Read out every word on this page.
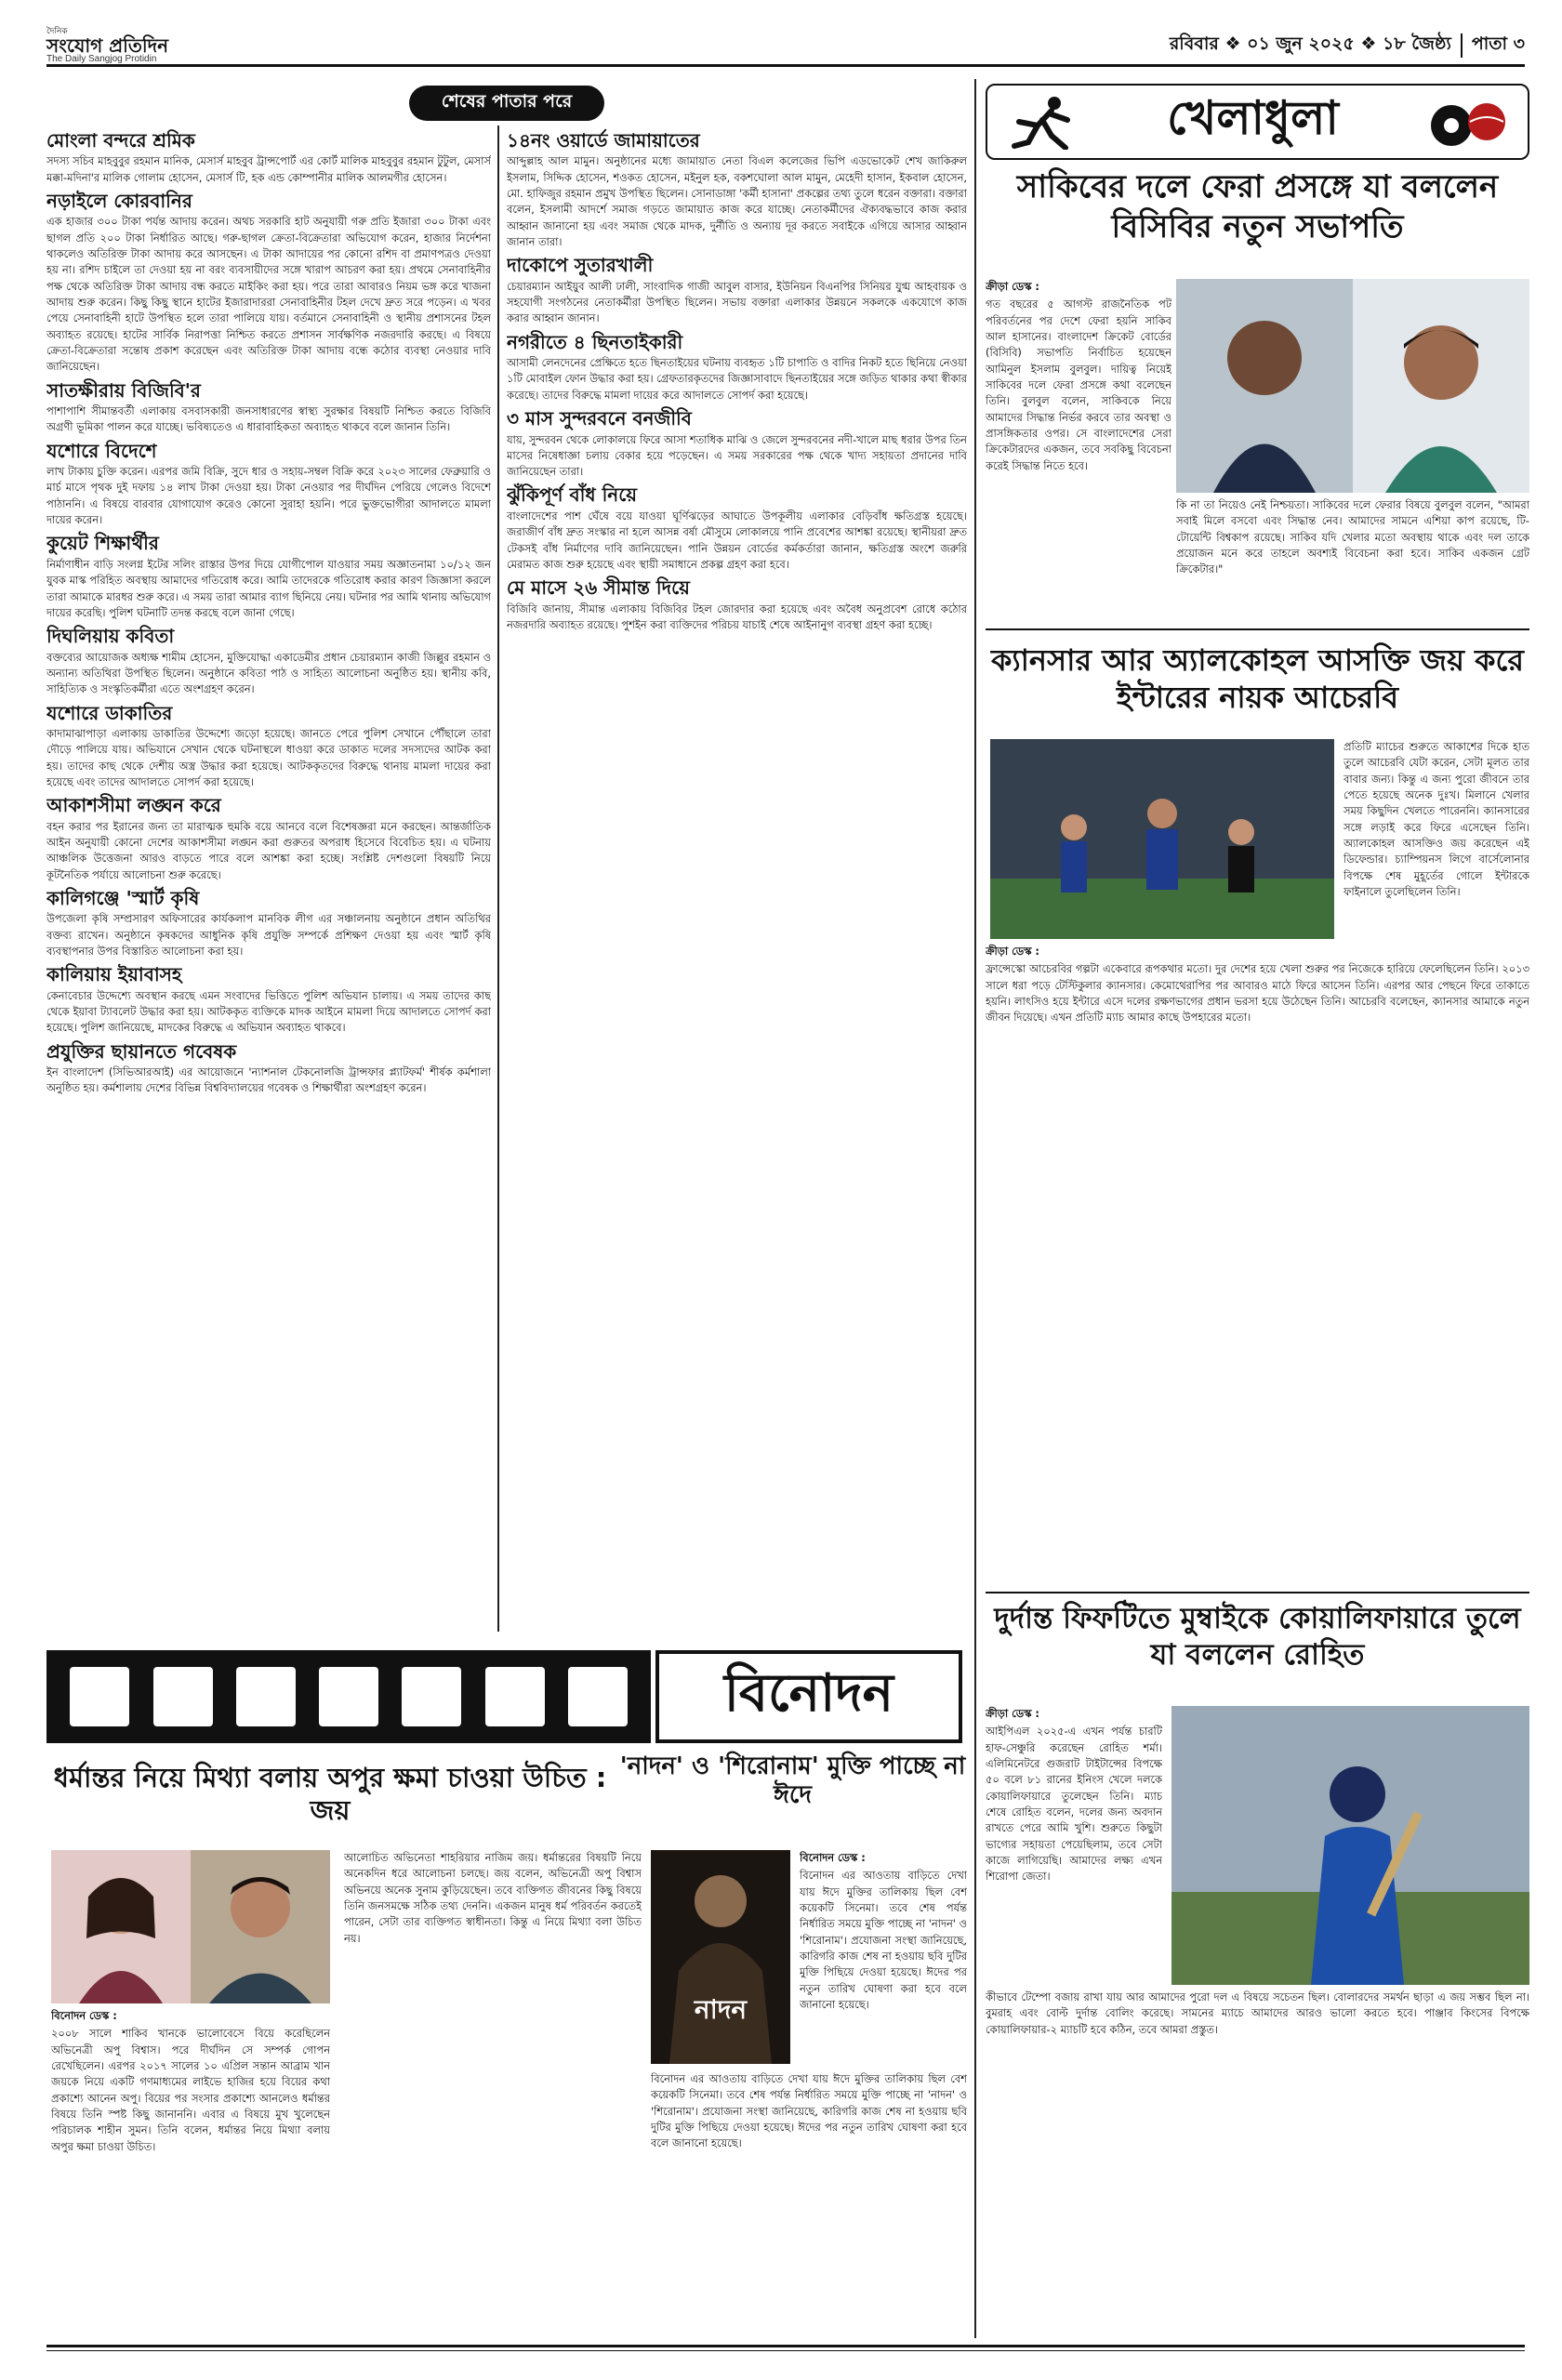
দৈনিক
সংযোগ প্রতিদিন
The Daily Sangjog Protidin
রবিবার ❖ ০১ জুন ২০২৫ ❖ ১৮ জৈষ্ঠ্য পাতা ৩
শেষের পাতার পরে
মোংলা বন্দরে শ্রমিক

সদস্য সচিব মাহবুবুর রহমান মানিক, মেসার্স মাহবুব ট্রান্সপোর্ট এর কোর্ট মালিক মাহবুবুর রহমান টুটুল, মেসার্স মক্কা-মদিনা'র মালিক গোলাম হোসেন, মেসার্স টি, হক এন্ড কোম্পানীর মালিক আলমগীর হোসেন।

নড়াইলে কোরবানির

এক হাজার ৩০০ টাকা পর্যন্ত আদায় করেন। অথচ সরকারি হাট অনুযায়ী গরু প্রতি ইজারা ৩০০ টাকা এবং ছাগল প্রতি ২০০ টাকা নির্ধারিত আছে। গরু-ছাগল ক্রেতা-বিক্রেতারা অভিযোগ করেন, হাজার নির্দেশনা থাকলেও অতিরিক্ত টাকা আদায় করে আসছেন। এ টাকা আদায়ের পর কোনো রশিদ বা প্রমাণপত্রও দেওয়া হয় না। রশিদ চাইলে তা দেওয়া হয় না বরং ব্যবসায়ীদের সঙ্গে খারাপ আচরণ করা হয়। প্রথমে সেনাবাহিনীর পক্ষ থেকে অতিরিক্ত টাকা আদায় বন্ধ করতে মাইকিং করা হয়। পরে তারা আবারও নিয়ম ভঙ্গ করে খাজনা আদায় শুরু করেন। কিছু কিছু স্থানে হাটের ইজারাদাররা সেনাবাহিনীর টহল দেখে দ্রুত সরে পড়েন। এ খবর পেয়ে সেনাবাহিনী হাটে উপস্থিত হলে তারা পালিয়ে যায়। বর্তমানে সেনাবাহিনী ও স্থানীয় প্রশাসনের টহল অব্যাহত রয়েছে। হাটের সার্বিক নিরাপত্তা নিশ্চিত করতে প্রশাসন সার্বক্ষণিক নজরদারি করছে। এ বিষয়ে ক্রেতা-বিক্রেতারা সন্তোষ প্রকাশ করেছেন এবং অতিরিক্ত টাকা আদায় বন্ধে কঠোর ব্যবস্থা নেওয়ার দাবি জানিয়েছেন।

সাতক্ষীরায় বিজিবি'র

পাশাপাশি সীমান্তবর্তী এলাকায় বসবাসকারী জনসাধারণের স্বাস্থ্য সুরক্ষার বিষয়টি নিশ্চিত করতে বিজিবি অগ্রণী ভূমিকা পালন করে যাচ্ছে। ভবিষ্যতেও এ ধারাবাহিকতা অব্যাহত থাকবে বলে জানান তিনি।

যশোরে বিদেশে

লাখ টাকায় চুক্তি করেন। এরপর জমি বিক্রি, সুদে ধার ও সহায়-সম্বল বিক্রি করে ২০২৩ সালের ফেব্রুয়ারি ও মার্চ মাসে পৃথক দুই দফায় ১৪ লাখ টাকা দেওয়া হয়। টাকা নেওয়ার পর দীর্ঘদিন পেরিয়ে গেলেও বিদেশে পাঠাননি। এ বিষয়ে বারবার যোগাযোগ করেও কোনো সুরাহা হয়নি। পরে ভুক্তভোগীরা আদালতে মামলা দায়ের করেন।

কুয়েট শিক্ষার্থীর

নির্মাণাধীন বাড়ি সংলগ্ন ইটের সলিং রাস্তার উপর দিয়ে যোগীপোল যাওয়ার সময় অজ্ঞাতনামা ১০/১২ জন যুবক মাস্ক পরিহিত অবস্থায় আমাদের গতিরোধ করে। আমি তাদেরকে গতিরোধ করার কারণ জিজ্ঞাসা করলে তারা আমাকে মারধর শুরু করে। এ সময় তারা আমার ব্যাগ ছিনিয়ে নেয়। ঘটনার পর আমি থানায় অভিযোগ দায়ের করেছি। পুলিশ ঘটনাটি তদন্ত করছে বলে জানা গেছে।

দিঘলিয়ায় কবিতা

বক্তব্যের আয়োজক অধ্যক্ষ শামীম হোসেন, মুক্তিযোদ্ধা একাডেমীর প্রধান চেয়ারম্যান কাজী জিল্লুর রহমান ও অন্যান্য অতিথিরা উপস্থিত ছিলেন। অনুষ্ঠানে কবিতা পাঠ ও সাহিত্য আলোচনা অনুষ্ঠিত হয়। স্থানীয় কবি, সাহিত্যিক ও সংস্কৃতিকর্মীরা এতে অংশগ্রহণ করেন।

যশোরে ডাকাতির

কাদামাঝাপাড়া এলাকায় ডাকাতির উদ্দেশ্যে জড়ো হয়েছে। জানতে পেরে পুলিশ সেখানে পৌঁছালে তারা দৌড়ে পালিয়ে যায়। অভিযানে সেখান থেকে ঘটনাস্থলে ধাওয়া করে ডাকাত দলের সদস্যদের আটক করা হয়। তাদের কাছ থেকে দেশীয় অস্ত্র উদ্ধার করা হয়েছে। আটককৃতদের বিরুদ্ধে থানায় মামলা দায়ের করা হয়েছে এবং তাদের আদালতে সোপর্দ করা হয়েছে।

আকাশসীমা লঙ্ঘন করে

বহন করার পর ইরানের জন্য তা মারাত্মক হুমকি বয়ে আনবে বলে বিশেষজ্ঞরা মনে করছেন। আন্তর্জাতিক আইন অনুযায়ী কোনো দেশের আকাশসীমা লঙ্ঘন করা গুরুতর অপরাধ হিসেবে বিবেচিত হয়। এ ঘটনায় আঞ্চলিক উত্তেজনা আরও বাড়তে পারে বলে আশঙ্কা করা হচ্ছে। সংশ্লিষ্ট দেশগুলো বিষয়টি নিয়ে কূটনৈতিক পর্যায়ে আলোচনা শুরু করেছে।

কালিগঞ্জে 'স্মার্ট কৃষি

উপজেলা কৃষি সম্প্রসারণ অফিসারের কার্যকলাপ মানবিক লীগ এর সঞ্চালনায় অনুষ্ঠানে প্রধান অতিথির বক্তব্য রাখেন। অনুষ্ঠানে কৃষকদের আধুনিক কৃষি প্রযুক্তি সম্পর্কে প্রশিক্ষণ দেওয়া হয় এবং স্মার্ট কৃষি ব্যবস্থাপনার উপর বিস্তারিত আলোচনা করা হয়।

কালিয়ায় ইয়াবাসহ

কেনাবেচার উদ্দেশ্যে অবস্থান করছে এমন সংবাদের ভিত্তিতে পুলিশ অভিযান চালায়। এ সময় তাদের কাছ থেকে ইয়াবা ট্যাবলেট উদ্ধার করা হয়। আটককৃত ব্যক্তিকে মাদক আইনে মামলা দিয়ে আদালতে সোপর্দ করা হয়েছে। পুলিশ জানিয়েছে, মাদকের বিরুদ্ধে এ অভিযান অব্যাহত থাকবে।

প্রযুক্তির ছায়ানতে গবেষক

ইন বাংলাদেশ (সিভিআরআই) এর আয়োজনে 'ন্যাশনাল টেকনোলজি ট্রান্সফার প্ল্যাটফর্ম' শীর্ষক কর্মশালা অনুষ্ঠিত হয়। কর্মশালায় দেশের বিভিন্ন বিশ্ববিদ্যালয়ের গবেষক ও শিক্ষার্থীরা অংশগ্রহণ করেন।

১৪নং ওয়ার্ডে জামায়াতের

আব্দুল্লাহ আল মামুন। অনুষ্ঠানের মধ্যে জামায়াত নেতা বিএল কলেজের ভিপি এডভোকেট শেখ জাকিরুল ইসলাম, সিদ্দিক হোসেন, শওকত হোসেন, মইনুল হক, বকশঘোলা আল মামুন, মেহেদী হাসান, ইকবাল হোসেন, মো. হাফিজুর রহমান প্রমুখ উপস্থিত ছিলেন। সোনাডাঙ্গা 'কর্মী হাসানা' প্রকল্পের তথ্য তুলে ধরেন বক্তারা। বক্তারা বলেন, ইসলামী আদর্শে সমাজ গড়তে জামায়াত কাজ করে যাচ্ছে। নেতাকর্মীদের ঐক্যবদ্ধভাবে কাজ করার আহ্বান জানানো হয় এবং সমাজ থেকে মাদক, দুর্নীতি ও অন্যায় দূর করতে সবাইকে এগিয়ে আসার আহ্বান জানান তারা।

দাকোপে সুতারখালী

চেয়ারম্যান আইয়ুব আলী ঢালী, সাংবাদিক গাজী আবুল বাসার, ইউনিয়ন বিএনপির সিনিয়র যুগ্ম আহবায়ক ও সহযোগী সংগঠনের নেতাকর্মীরা উপস্থিত ছিলেন। সভায় বক্তারা এলাকার উন্নয়নে সকলকে একযোগে কাজ করার আহ্বান জানান।

নগরীতে ৪ ছিনতাইকারী

আসামী লেনদেনের প্রেক্ষিতে হতে ছিনতাইয়ের ঘটনায় ব্যবহৃত ১টি চাপাতি ও বাদির নিকট হতে ছিনিয়ে নেওয়া ১টি মোবাইল ফোন উদ্ধার করা হয়। গ্রেফতারকৃতদের জিজ্ঞাসাবাদে ছিনতাইয়ের সঙ্গে জড়িত থাকার কথা স্বীকার করেছে। তাদের বিরুদ্ধে মামলা দায়ের করে আদালতে সোপর্দ করা হয়েছে।

৩ মাস সুন্দরবনে বনজীবি

যায়, সুন্দরবন থেকে লোকালয়ে ফিরে আসা শতাধিক মাঝি ও জেলে সুন্দরবনের নদী-খালে মাছ ধরার উপর তিন মাসের নিষেধাজ্ঞা চলায় বেকার হয়ে পড়েছেন। এ সময় সরকারের পক্ষ থেকে খাদ্য সহায়তা প্রদানের দাবি জানিয়েছেন তারা।

ঝুঁকিপূর্ণ বাঁধ নিয়ে

বাংলাদেশের পাশ ঘেঁষে বয়ে যাওয়া ঘূর্ণিঝড়ের আঘাতে উপকূলীয় এলাকার বেড়িবাঁধ ক্ষতিগ্রস্ত হয়েছে। জরাজীর্ণ বাঁধ দ্রুত সংস্কার না হলে আসন্ন বর্ষা মৌসুমে লোকালয়ে পানি প্রবেশের আশঙ্কা রয়েছে। স্থানীয়রা দ্রুত টেকসই বাঁধ নির্মাণের দাবি জানিয়েছেন। পানি উন্নয়ন বোর্ডের কর্মকর্তারা জানান, ক্ষতিগ্রস্ত অংশে জরুরি মেরামত কাজ শুরু হয়েছে এবং স্থায়ী সমাধানে প্রকল্প গ্রহণ করা হবে।

মে মাসে ২৬ সীমান্ত দিয়ে

বিজিবি জানায়, সীমান্ত এলাকায় বিজিবির টহল জোরদার করা হয়েছে এবং অবৈধ অনুপ্রবেশ রোধে কঠোর নজরদারি অব্যাহত রয়েছে। পুশইন করা ব্যক্তিদের পরিচয় যাচাই শেষে আইনানুগ ব্যবস্থা গ্রহণ করা হচ্ছে।

বিনোদন
ধর্মান্তর নিয়ে মিথ্যা বলায় অপুর ক্ষমা চাওয়া উচিত : জয়
'নাদন' ও 'শিরোনাম' মুক্তি পাচ্ছে না ঈদে
নাদন

বিনোদন ডেস্ক :

২০০৮ সালে শাকিব খানকে ভালোবেসে বিয়ে করেছিলেন অভিনেত্রী অপু বিশ্বাস। পরে দীর্ঘদিন সে সম্পর্ক গোপন রেখেছিলেন। এরপর ২০১৭ সালের ১০ এপ্রিল সন্তান আব্রাম খান জয়কে নিয়ে একটি গণমাধ্যমের লাইভে হাজির হয়ে বিয়ের কথা প্রকাশ্যে আনেন অপু। বিয়ের পর সংসার প্রকাশ্যে আনলেও ধর্মান্তর বিষয়ে তিনি স্পষ্ট কিছু জানাননি। এবার এ বিষয়ে মুখ খুলেছেন পরিচালক শাহীন সুমন। তিনি বলেন, ধর্মান্তর নিয়ে মিথ্যা বলায় অপুর ক্ষমা চাওয়া উচিত।

আলোচিত অভিনেতা শাহরিয়ার নাজিম জয়। ধর্মান্তরের বিষয়টি নিয়ে অনেকদিন ধরে আলোচনা চলছে। জয় বলেন, অভিনেত্রী অপু বিশ্বাস অভিনয়ে অনেক সুনাম কুড়িয়েছেন। তবে ব্যক্তিগত জীবনের কিছু বিষয়ে তিনি জনসমক্ষে সঠিক তথ্য দেননি। একজন মানুষ ধর্ম পরিবর্তন করতেই পারেন, সেটা তার ব্যক্তিগত স্বাধীনতা। কিন্তু এ নিয়ে মিথ্যা বলা উচিত নয়।

বিনোদন ডেস্ক :

বিনোদন এর আওতায় বাড়িতে দেখা যায় ঈদে মুক্তির তালিকায় ছিল বেশ কয়েকটি সিনেমা। তবে শেষ পর্যন্ত নির্ধারিত সময়ে মুক্তি পাচ্ছে না 'নাদন' ও 'শিরোনাম'। প্রযোজনা সংস্থা জানিয়েছে, কারিগরি কাজ শেষ না হওয়ায় ছবি দুটির মুক্তি পিছিয়ে দেওয়া হয়েছে। ঈদের পর নতুন তারিখ ঘোষণা করা হবে বলে জানানো হয়েছে।

বিনোদন এর আওতায় বাড়িতে দেখা যায় ঈদে মুক্তির তালিকায় ছিল বেশ কয়েকটি সিনেমা। তবে শেষ পর্যন্ত নির্ধারিত সময়ে মুক্তি পাচ্ছে না 'নাদন' ও 'শিরোনাম'। প্রযোজনা সংস্থা জানিয়েছে, কারিগরি কাজ শেষ না হওয়ায় ছবি দুটির মুক্তি পিছিয়ে দেওয়া হয়েছে। ঈদের পর নতুন তারিখ ঘোষণা করা হবে বলে জানানো হয়েছে।

খেলাধুলা
সাকিবের দলে ফেরা প্রসঙ্গে যা বললেন বিসিবির নতুন সভাপতি

ক্রীড়া ডেস্ক :

গত বছরের ৫ আগস্ট রাজনৈতিক পট পরিবর্তনের পর দেশে ফেরা হয়নি সাকিব আল হাসানের। বাংলাদেশ ক্রিকেট বোর্ডের (বিসিবি) সভাপতি নির্বাচিত হয়েছেন আমিনুল ইসলাম বুলবুল। দায়িত্ব নিয়েই সাকিবের দলে ফেরা প্রসঙ্গে কথা বলেছেন তিনি। বুলবুল বলেন, সাকিবকে নিয়ে আমাদের সিদ্ধান্ত নির্ভর করবে তার অবস্থা ও প্রাসঙ্গিকতার ওপর। সে বাংলাদেশের সেরা ক্রিকেটারদের একজন, তবে সবকিছু বিবেচনা করেই সিদ্ধান্ত নিতে হবে।

কি না তা নিয়েও নেই নিশ্চয়তা। সাকিবের দলে ফেরার বিষয়ে বুলবুল বলেন, "আমরা সবাই মিলে বসবো এবং সিদ্ধান্ত নেব। আমাদের সামনে এশিয়া কাপ রয়েছে, টি-টোয়েন্টি বিশ্বকাপ রয়েছে। সাকিব যদি খেলার মতো অবস্থায় থাকে এবং দল তাকে প্রয়োজন মনে করে তাহলে অবশ্যই বিবেচনা করা হবে। সাকিব একজন গ্রেট ক্রিকেটার।"

ক্যানসার আর অ্যালকোহল আসক্তি জয় করে ইন্টারের নায়ক আচেরবি

প্রতিটি ম্যাচের শুরুতে আকাশের দিকে হাত তুলে আচেরবি যেটা করেন, সেটা মূলত তার বাবার জন্য। কিন্তু এ জন্য পুরো জীবনে তার পেতে হয়েছে অনেক দুঃখ। মিলানে খেলার সময় কিছুদিন খেলতে পারেননি। ক্যানসারের সঙ্গে লড়াই করে ফিরে এসেছেন তিনি। অ্যালকোহল আসক্তিও জয় করেছেন এই ডিফেন্ডার। চ্যাম্পিয়নস লিগে বার্সেলোনার বিপক্ষে শেষ মুহূর্তের গোলে ইন্টারকে ফাইনালে তুলেছিলেন তিনি।

ক্রীড়া ডেস্ক :

ফ্রান্সেস্কো আচেরবির গল্পটা একেবারে রূপকথার মতো। দুর দেশের হয়ে খেলা শুরুর পর নিজেকে হারিয়ে ফেলেছিলেন তিনি। ২০১৩ সালে ধরা পড়ে টেস্টিকুলার ক্যানসার। কেমোথেরাপির পর আবারও মাঠে ফিরে আসেন তিনি। এরপর আর পেছনে ফিরে তাকাতে হয়নি। লাৎসিও হয়ে ইন্টারে এসে দলের রক্ষণভাগের প্রধান ভরসা হয়ে উঠেছেন তিনি। আচেরবি বলেছেন, ক্যানসার আমাকে নতুন জীবন দিয়েছে। এখন প্রতিটি ম্যাচ আমার কাছে উপহারের মতো।

দুর্দান্ত ফিফটিতে মুম্বাইকে কোয়ালিফায়ারে তুলে যা বললেন রোহিত

ক্রীড়া ডেস্ক :

আইপিএল ২০২৫-এ এখন পর্যন্ত চারটি হাফ-সেঞ্চুরি করেছেন রোহিত শর্মা। এলিমিনেটরে গুজরাট টাইটান্সের বিপক্ষে ৫০ বলে ৮১ রানের ইনিংস খেলে দলকে কোয়ালিফায়ারে তুলেছেন তিনি। ম্যাচ শেষে রোহিত বলেন, দলের জন্য অবদান রাখতে পেরে আমি খুশি। শুরুতে কিছুটা ভাগ্যের সহায়তা পেয়েছিলাম, তবে সেটা কাজে লাগিয়েছি। আমাদের লক্ষ্য এখন শিরোপা জেতা।

কীভাবে টেম্পো বজায় রাখা যায় আর আমাদের পুরো দল এ বিষয়ে সচেতন ছিল। বোলারদের সমর্থন ছাড়া এ জয় সম্ভব ছিল না। বুমরাহ এবং বোল্ট দুর্দান্ত বোলিং করেছে। সামনের ম্যাচে আমাদের আরও ভালো করতে হবে। পাঞ্জাব কিংসের বিপক্ষে কোয়ালিফায়ার-২ ম্যাচটি হবে কঠিন, তবে আমরা প্রস্তুত।
